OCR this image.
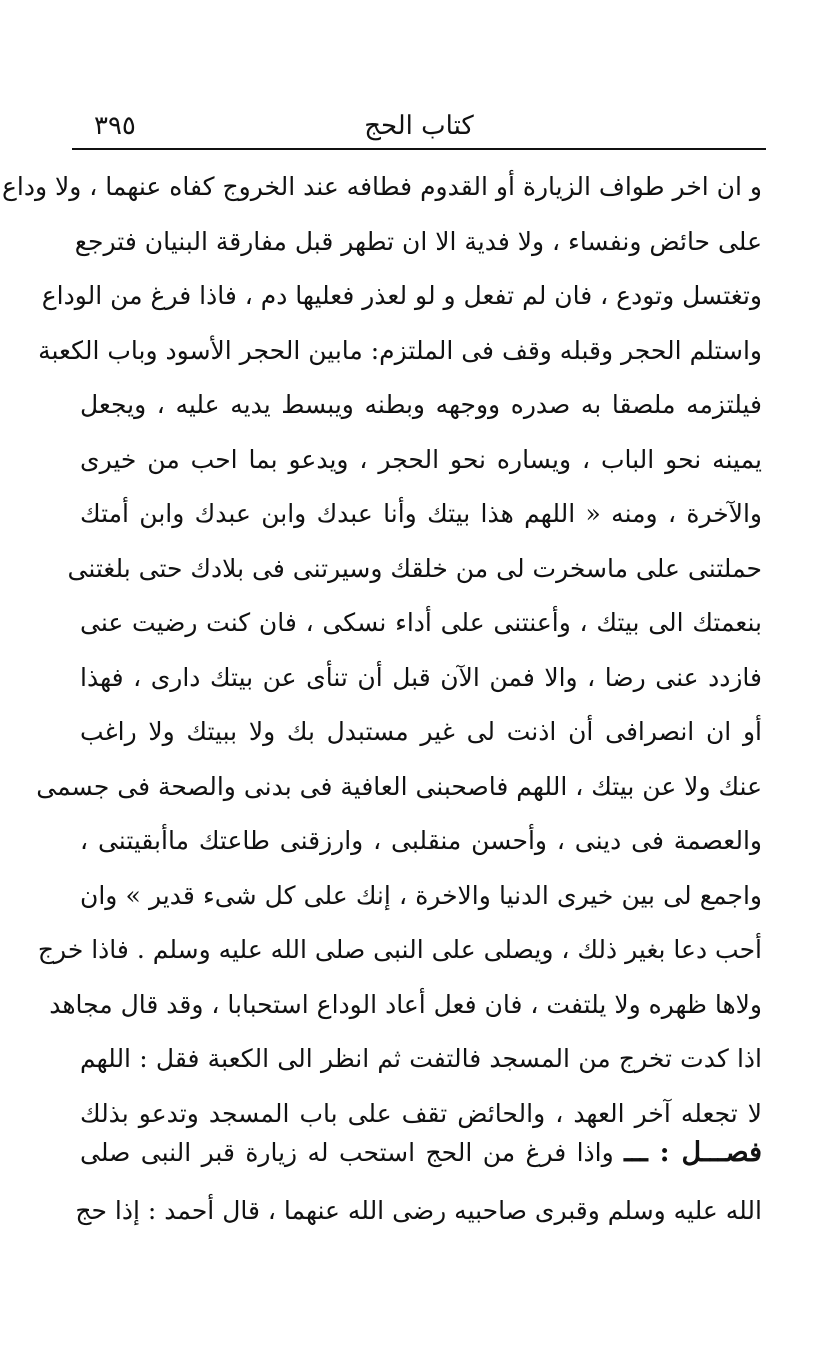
كتاب الحج
٣٩٥
و ان اخر طواف الزيارة أو القدوم فطافه عند الخروج كفاه عنهما ، ولا وداع
على حائض ونفساء ، ولا فدية الا ان تطهر قبل مفارقة البنيان فترجع
وتغتسل وتودع ، فان لم تفعل و لو لعذر فعليها دم ، فاذا فرغ من الوداع
واستلم الحجر وقبله وقف فى الملتزم: مابين الحجر الأسود وباب الكعبة
فيلتزمه ملصقا به صدره ووجهه وبطنه ويبسط يديه عليه ، ويجعل
يمينه نحو الباب ، ويساره نحو الحجر ، ويدعو بما احب من خيرى
والآخرة ، ومنه « اللهم هذا بيتك وأنا عبدك وابن عبدك وابن أمتك
حملتنى على ماسخرت لى من خلقك وسيرتنى فى بلادك حتى بلغتنى
بنعمتك الى بيتك ، وأعنتنى على أداء نسكى ، فان كنت رضيت عنى
فازدد عنى رضا ، والا فمن الآن قبل أن تنأى عن بيتك دارى ، فهذا
أو ان انصرافى أن اذنت لى غير مستبدل بك ولا ببيتك ولا راغب
عنك ولا عن بيتك ، اللهم فاصحبنى العافية فى بدنى والصحة فى جسمى
والعصمة فى دينى ، وأحسن منقلبى ، وارزقنى طاعتك ماأبقيتنى ،
واجمع لى بين خيرى الدنيا والاخرة ، إنك على كل شىء قدير » وان
أحب دعا بغير ذلك ، ويصلى على النبى صلى الله عليه وسلم . فاذا خرج
ولاها ظهره ولا يلتفت ، فان فعل أعاد الوداع استحبابا ، وقد قال مجاهد
اذا كدت تخرج من المسجد فالتفت ثم انظر الى الكعبة فقل : اللهم
لا تجعله آخر العهد ، والحائض تقف على باب المسجد وتدعو بذلك
فصـــل : ـــ واذا فرغ من الحج استحب له زيارة قبر النبى صلى
الله عليه وسلم وقبرى صاحبيه رضى الله عنهما ، قال أحمد : إذا حج
